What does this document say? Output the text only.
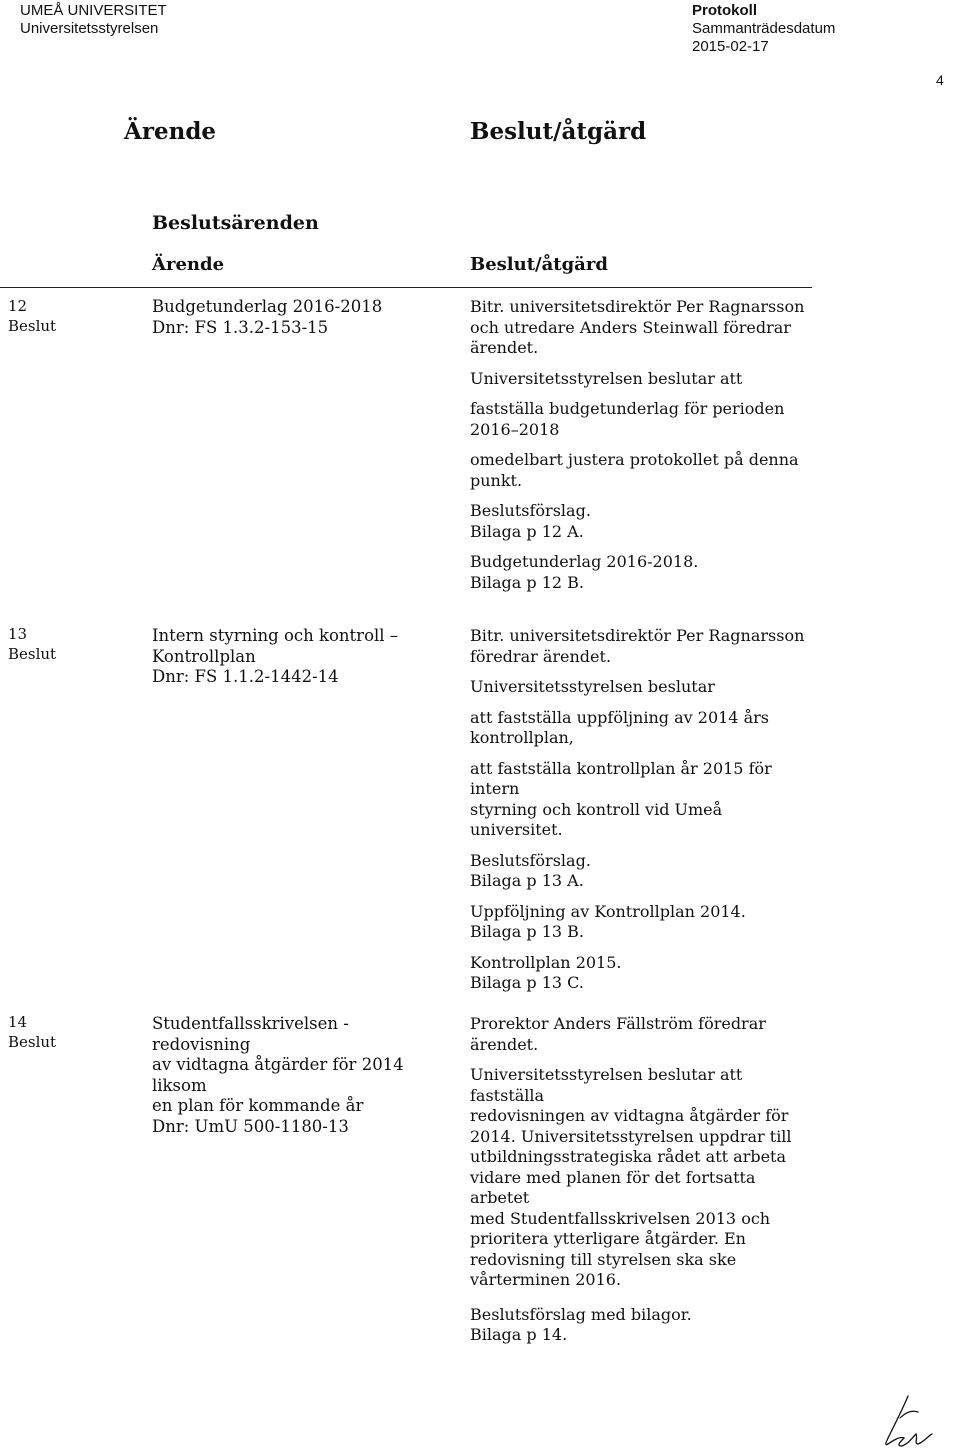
UMEÅ UNIVERSITET
Universitetsstyrelsen
Protokoll
Sammanträdesdatum
2015-02-17
4
Ärende	Beslut/åtgärd
Beslutsärenden
Ärende	Beslut/åtgärd
12
Beslut
Budgetunderlag 2016-2018
Dnr: FS 1.3.2-153-15

Bitr. universitetsdirektör Per Ragnarsson
och utredare Anders Steinwall föredrar
ärendet.

Universitetsstyrelsen beslutar att

fastställa budgetunderlag för perioden
2016–2018

omedelbart justera protokollet på denna
punkt.

Beslutsförslag.
Bilaga p 12 A.

Budgetunderlag 2016-2018.
Bilaga p 12 B.

13
Beslut
Intern styrning och kontroll –
Kontrollplan
Dnr: FS 1.1.2-1442-14

Bitr. universitetsdirektör Per Ragnarsson
föredrar ärendet.

Universitetsstyrelsen beslutar

att fastställa uppföljning av 2014 års
kontrollplan,

att fastställa kontrollplan år 2015 för intern
styrning och kontroll vid Umeå universitet.

Beslutsförslag.
Bilaga p 13 A.

Uppföljning av Kontrollplan 2014.
Bilaga p 13 B.

Kontrollplan 2015.
Bilaga p 13 C.

14
Beslut
Studentfallsskrivelsen - redovisning
av vidtagna åtgärder för 2014 liksom
en plan för kommande år
Dnr: UmU 500-1180-13

Prorektor Anders Fällström föredrar
ärendet.

Universitetsstyrelsen beslutar att fastställa
redovisningen av vidtagna åtgärder för
2014. Universitetsstyrelsen uppdrar till
utbildningsstrategiska rådet att arbeta
vidare med planen för det fortsatta arbetet
med Studentfallsskrivelsen 2013 och
prioritera ytterligare åtgärder. En
redovisning till styrelsen ska ske
vårterminen 2016.

Beslutsförslag med bilagor.
Bilaga p 14.
